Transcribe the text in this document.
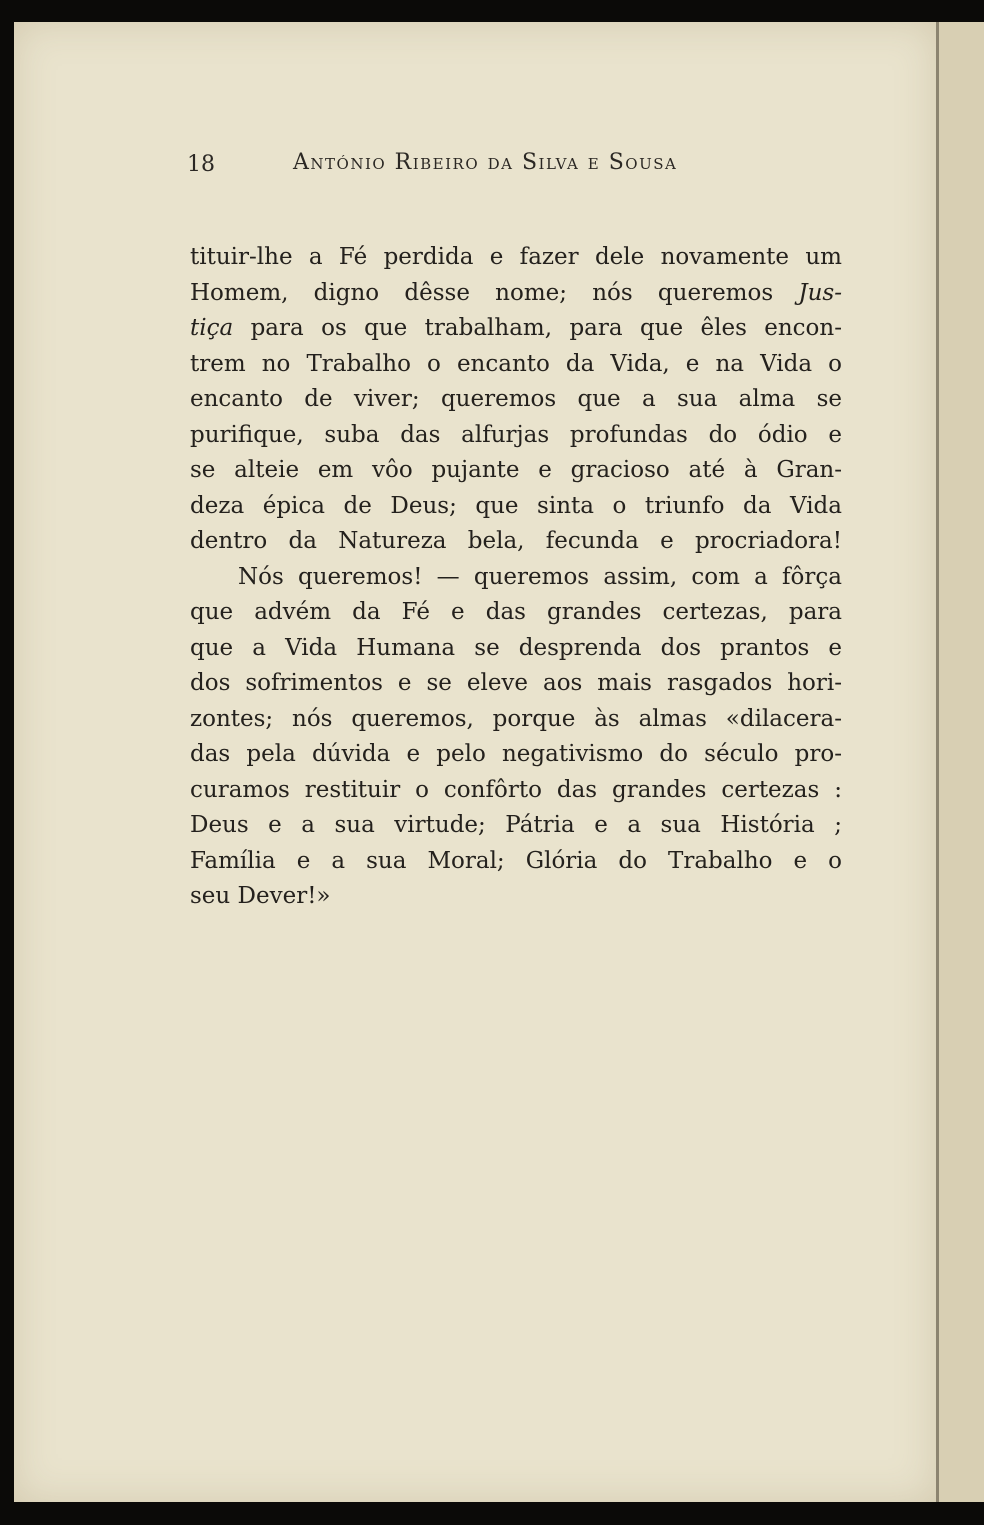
18	António Ribeiro da Silva e Sousa
tituir-lhe a Fé perdida e fazer dele novamente um
Homem, digno dêsse nome; nós queremos Jus-
tiça para os que trabalham, para que êles encon-
trem no Trabalho o encanto da Vida, e na Vida o
encanto de viver; queremos que a sua alma se
purifique, suba das alfurjas profundas do ódio e
se alteie em vôo pujante e gracioso até à Gran-
deza épica de Deus; que sinta o triunfo da Vida
dentro da Natureza bela, fecunda e procriadora!
Nós queremos! — queremos assim, com a fôrça
que advém da Fé e das grandes certezas, para
que a Vida Humana se desprenda dos prantos e
dos sofrimentos e se eleve aos mais rasgados hori-
zontes; nós queremos, porque às almas «dilacera-
das pela dúvida e pelo negativismo do século pro-
curamos restituir o confôrto das grandes certezas :
Deus e a sua virtude; Pátria e a sua História ;
Família e a sua Moral; Glória do Trabalho e o
seu Dever!»
